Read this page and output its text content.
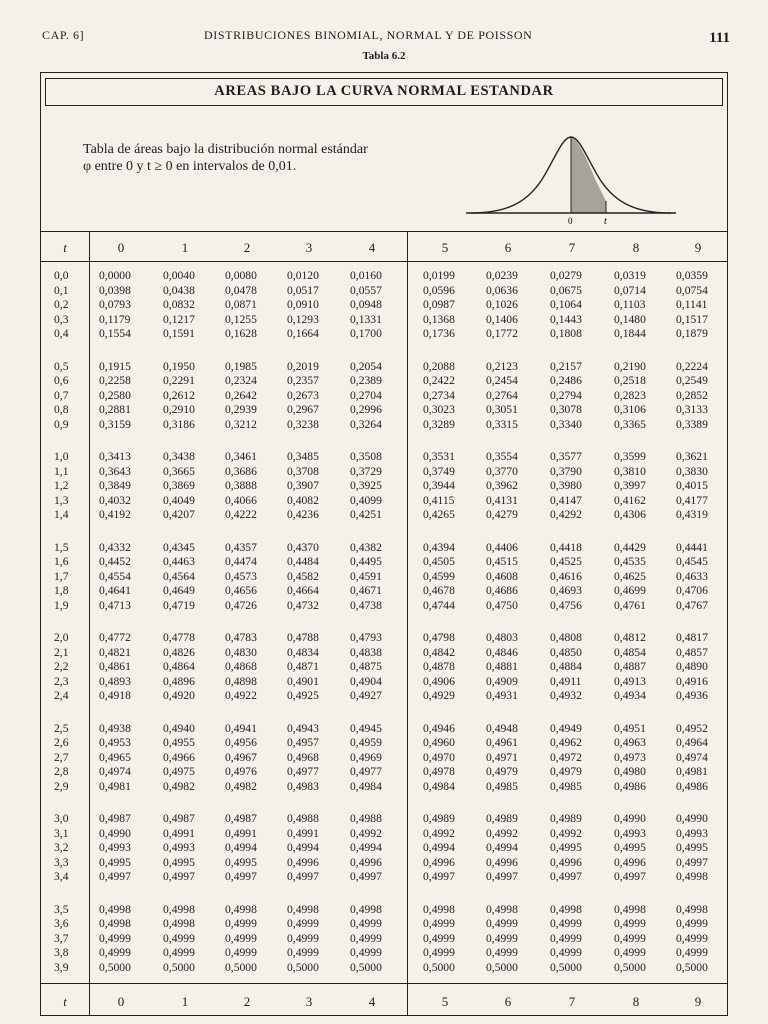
CAP. 6]	DISTRIBUCIONES BINOMIAL, NORMAL Y DE POISSON	111
Tabla 6.2
AREAS BAJO LA CURVA NORMAL ESTANDAR
Tabla de áreas bajo la distribución normal estándar φ entre 0 y t ≥ 0 en intervalos de 0,01.
0	t
t	0	1	2	3	4	5	6	7	8	9
0,0	0,0000	0,0040	0,0080	0,0120	0,0160	0,0199	0,0239	0,0279	0,0319	0,0359
0,1	0,0398	0,0438	0,0478	0,0517	0,0557	0,0596	0,0636	0,0675	0,0714	0,0754
0,2	0,0793	0,0832	0,0871	0,0910	0,0948	0,0987	0,1026	0,1064	0,1103	0,1141
0,3	0,1179	0,1217	0,1255	0,1293	0,1331	0,1368	0,1406	0,1443	0,1480	0,1517
0,4	0,1554	0,1591	0,1628	0,1664	0,1700	0,1736	0,1772	0,1808	0,1844	0,1879
0,5	0,1915	0,1950	0,1985	0,2019	0,2054	0,2088	0,2123	0,2157	0,2190	0,2224
0,6	0,2258	0,2291	0,2324	0,2357	0,2389	0,2422	0,2454	0,2486	0,2518	0,2549
0,7	0,2580	0,2612	0,2642	0,2673	0,2704	0,2734	0,2764	0,2794	0,2823	0,2852
0,8	0,2881	0,2910	0,2939	0,2967	0,2996	0,3023	0,3051	0,3078	0,3106	0,3133
0,9	0,3159	0,3186	0,3212	0,3238	0,3264	0,3289	0,3315	0,3340	0,3365	0,3389
1,0	0,3413	0,3438	0,3461	0,3485	0,3508	0,3531	0,3554	0,3577	0,3599	0,3621
1,1	0,3643	0,3665	0,3686	0,3708	0,3729	0,3749	0,3770	0,3790	0,3810	0,3830
1,2	0,3849	0,3869	0,3888	0,3907	0,3925	0,3944	0,3962	0,3980	0,3997	0,4015
1,3	0,4032	0,4049	0,4066	0,4082	0,4099	0,4115	0,4131	0,4147	0,4162	0,4177
1,4	0,4192	0,4207	0,4222	0,4236	0,4251	0,4265	0,4279	0,4292	0,4306	0,4319
1,5	0,4332	0,4345	0,4357	0,4370	0,4382	0,4394	0,4406	0,4418	0,4429	0,4441
1,6	0,4452	0,4463	0,4474	0,4484	0,4495	0,4505	0,4515	0,4525	0,4535	0,4545
1,7	0,4554	0,4564	0,4573	0,4582	0,4591	0,4599	0,4608	0,4616	0,4625	0,4633
1,8	0,4641	0,4649	0,4656	0,4664	0,4671	0,4678	0,4686	0,4693	0,4699	0,4706
1,9	0,4713	0,4719	0,4726	0,4732	0,4738	0,4744	0,4750	0,4756	0,4761	0,4767
2,0	0,4772	0,4778	0,4783	0,4788	0,4793	0,4798	0,4803	0,4808	0,4812	0,4817
2,1	0,4821	0,4826	0,4830	0,4834	0,4838	0,4842	0,4846	0,4850	0,4854	0,4857
2,2	0,4861	0,4864	0,4868	0,4871	0,4875	0,4878	0,4881	0,4884	0,4887	0,4890
2,3	0,4893	0,4896	0,4898	0,4901	0,4904	0,4906	0,4909	0,4911	0,4913	0,4916
2,4	0,4918	0,4920	0,4922	0,4925	0,4927	0,4929	0,4931	0,4932	0,4934	0,4936
2,5	0,4938	0,4940	0,4941	0,4943	0,4945	0,4946	0,4948	0,4949	0,4951	0,4952
2,6	0,4953	0,4955	0,4956	0,4957	0,4959	0,4960	0,4961	0,4962	0,4963	0,4964
2,7	0,4965	0,4966	0,4967	0,4968	0,4969	0,4970	0,4971	0,4972	0,4973	0,4974
2,8	0,4974	0,4975	0,4976	0,4977	0,4977	0,4978	0,4979	0,4979	0,4980	0,4981
2,9	0,4981	0,4982	0,4982	0,4983	0,4984	0,4984	0,4985	0,4985	0,4986	0,4986
3,0	0,4987	0,4987	0,4987	0,4988	0,4988	0,4989	0,4989	0,4989	0,4990	0,4990
3,1	0,4990	0,4991	0,4991	0,4991	0,4992	0,4992	0,4992	0,4992	0,4993	0,4993
3,2	0,4993	0,4993	0,4994	0,4994	0,4994	0,4994	0,4994	0,4995	0,4995	0,4995
3,3	0,4995	0,4995	0,4995	0,4996	0,4996	0,4996	0,4996	0,4996	0,4996	0,4997
3,4	0,4997	0,4997	0,4997	0,4997	0,4997	0,4997	0,4997	0,4997	0,4997	0,4998
3,5	0,4998	0,4998	0,4998	0,4998	0,4998	0,4998	0,4998	0,4998	0,4998	0,4998
3,6	0,4998	0,4998	0,4999	0,4999	0,4999	0,4999	0,4999	0,4999	0,4999	0,4999
3,7	0,4999	0,4999	0,4999	0,4999	0,4999	0,4999	0,4999	0,4999	0,4999	0,4999
3,8	0,4999	0,4999	0,4999	0,4999	0,4999	0,4999	0,4999	0,4999	0,4999	0,4999
3,9	0,5000	0,5000	0,5000	0,5000	0,5000	0,5000	0,5000	0,5000	0,5000	0,5000
t	0	1	2	3	4	5	6	7	8	9
